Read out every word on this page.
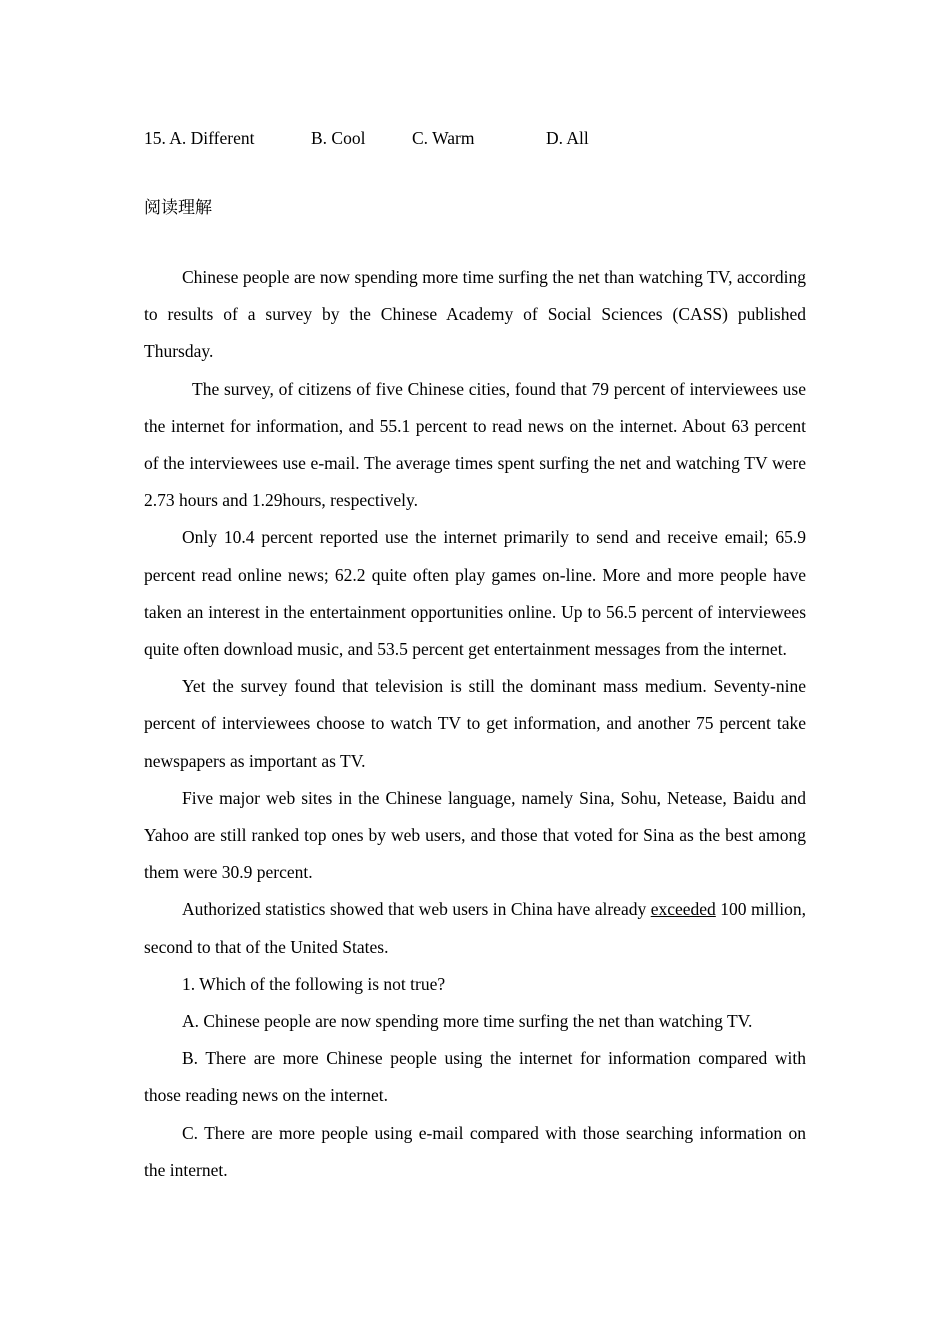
15. A. Different	B. Cool	C. Warm	D. All
阅读理解

Chinese people are now spending more time surfing the net than watching TV, according to results of a survey by the Chinese Academy of Social Sciences (CASS) published Thursday.

The survey, of citizens of five Chinese cities, found that 79 percent of interviewees use the internet for information, and 55.1 percent to read news on the internet. About 63 percent of the interviewees use e-mail. The average times spent surfing the net and watching TV were 2.73 hours and 1.29hours, respectively.

Only 10.4 percent reported use the internet primarily to send and receive email; 65.9 percent read online news; 62.2 quite often play games on-line. More and more people have taken an interest in the entertainment opportunities online. Up to 56.5 percent of interviewees quite often download music, and 53.5 percent get entertainment messages from the internet.

Yet the survey found that television is still the dominant mass medium. Seventy-nine percent of interviewees choose to watch TV to get information, and another 75 percent take newspapers as important as TV.

Five major web sites in the Chinese language, namely Sina, Sohu, Netease, Baidu and Yahoo are still ranked top ones by web users, and those that voted for Sina as the best among them were 30.9 percent.

Authorized statistics showed that web users in China have already exceeded 100 million, second to that of the United States.

1. Which of the following is not true?

A. Chinese people are now spending more time surfing the net than watching TV.

B. There are more Chinese people using the internet for information compared with those reading news on the internet.

C. There are more people using e-mail compared with those searching information on the internet.
